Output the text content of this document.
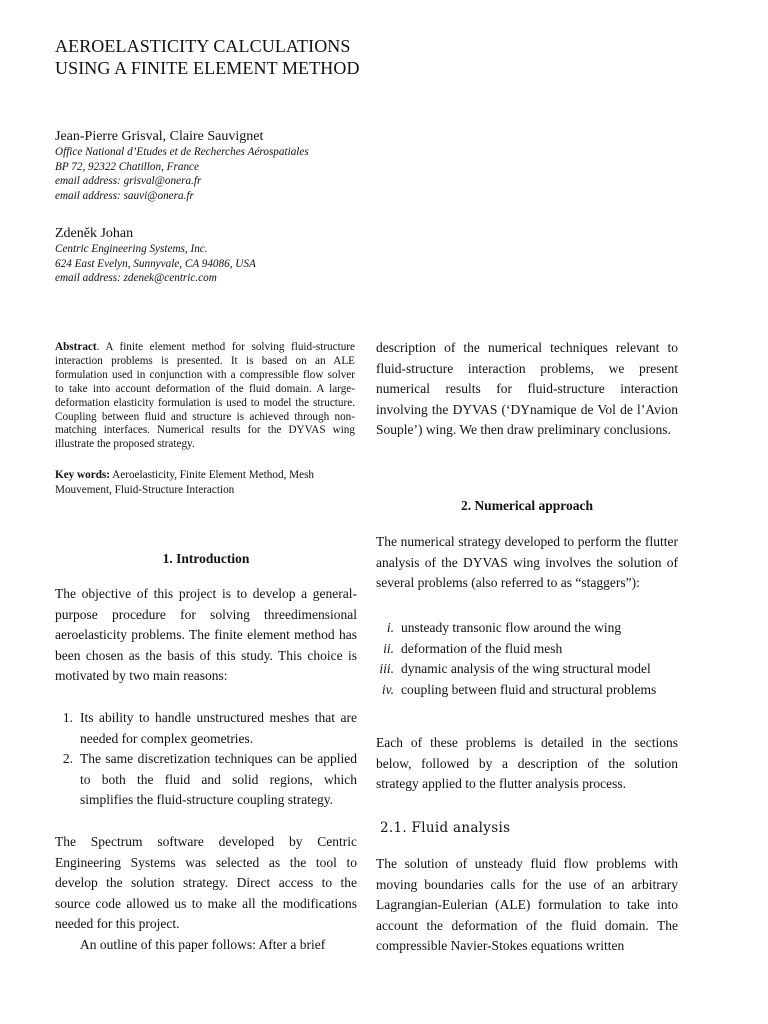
AEROELASTICITY CALCULATIONS
USING A FINITE ELEMENT METHOD
Jean-Pierre Grisval, Claire Sauvignet
Office National d’Etudes et de Recherches Aérospatiales
BP 72, 92322 Chatillon, France
email address: grisval@onera.fr
email address: sauvi@onera.fr
Zdeněk Johan
Centric Engineering Systems, Inc.
624 East Evelyn, Sunnyvale, CA 94086, USA
email address: zdenek@centric.com
Abstract. A finite element method for solving fluid-structure interaction problems is presented. It is based on an ALE formulation used in conjunction with a compressible flow solver to take into account deformation of the fluid domain. A large-deformation elasticity formulation is used to model the structure. Coupling between fluid and structure is achieved through non-matching interfaces. Numerical results for the DYVAS wing illustrate the proposed strategy.
Key words: Aeroelasticity, Finite Element Method, Mesh Mouvement, Fluid-Structure Interaction
1. Introduction
The objective of this project is to develop a general-purpose procedure for solving threedimensional aeroelasticity problems. The finite element method has been chosen as the basis of this study. This choice is motivated by two main reasons:
1. Its ability to handle unstructured meshes that are needed for complex geometries.
2. The same discretization techniques can be applied to both the fluid and solid regions, which simplifies the fluid-structure coupling strategy.
The Spectrum software developed by Centric Engineering Systems was selected as the tool to develop the solution strategy. Direct access to the source code allowed us to make all the modifications needed for this project.
An outline of this paper follows: After a brief
description of the numerical techniques relevant to fluid-structure interaction problems, we present numerical results for fluid-structure interaction involving the DYVAS (‘DYnamique de Vol de l’Avion Souple’) wing. We then draw preliminary conclusions.
2. Numerical approach
The numerical strategy developed to perform the flutter analysis of the DYVAS wing involves the solution of several problems (also referred to as “staggers”):
i. unsteady transonic flow around the wing
ii. deformation of the fluid mesh
iii. dynamic analysis of the wing structural model
iv. coupling between fluid and structural problems
Each of these problems is detailed in the sections below, followed by a description of the solution strategy applied to the flutter analysis process.
2.1. Fluid analysis
The solution of unsteady fluid flow problems with moving boundaries calls for the use of an arbitrary Lagrangian-Eulerian (ALE) formulation to take into account the deformation of the fluid domain. The compressible Navier-Stokes equations written
